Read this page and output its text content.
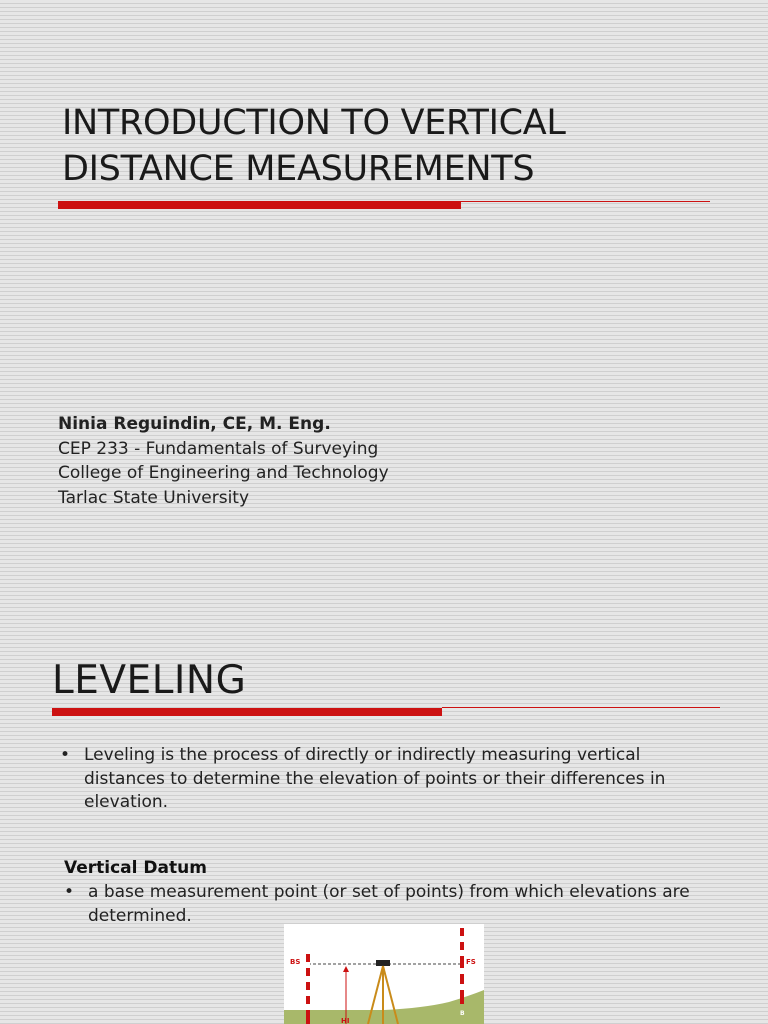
INTRODUCTION TO VERTICAL
DISTANCE MEASUREMENTS
Ninia Reguindin, CE, M. Eng.
CEP 233 - Fundamentals of Surveying
College of Engineering and Technology
Tarlac State University
LEVELING
• Leveling is the process of directly or indirectly measuring vertical distances to determine the elevation of points or their differences in elevation.
Vertical Datum
• a base measurement point (or set of points) from which elevations are determined.
BS	FS
HI
B
